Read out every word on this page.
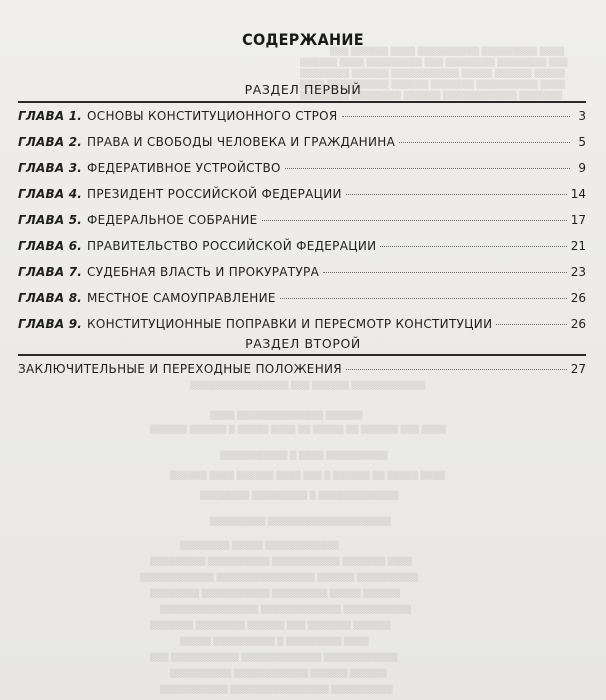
▒▒▒ ▒▒▒▒▒▒ ▒▒▒▒ ▒▒▒▒▒▒▒▒▒▒ ▒▒▒▒▒▒▒▒▒ ▒▒▒▒
▒▒▒▒▒▒ ▒▒▒▒ ▒▒▒▒▒▒▒▒▒ ▒▒▒ ▒▒▒▒▒▒▒▒ ▒▒▒▒▒▒▒▒ ▒▒▒
▒▒▒▒▒▒▒▒ ▒▒▒▒▒▒ ▒▒▒▒▒▒▒▒▒▒▒ ▒▒▒▒▒ ▒▒▒▒▒▒ ▒▒▒▒▒
▒▒▒▒ ▒▒▒▒▒▒▒▒▒▒ ▒▒▒▒▒▒ ▒▒▒▒▒▒▒ ▒▒▒▒▒▒▒▒▒▒ ▒▒▒▒
▒▒▒▒▒▒▒▒ ▒▒▒▒▒▒▒▒ ▒▒▒▒▒▒ ▒▒▒▒▒▒▒▒▒▒▒▒ ▒▒▒▒▒▒▒
▒▒▒▒▒▒▒▒▒▒▒▒▒▒▒▒ ▒▒▒ ▒▒▒▒▒▒ ▒▒▒▒▒▒▒▒▒▒▒▒
▒▒▒▒ ▒▒▒▒▒▒▒▒▒▒▒▒▒▒ ▒▒▒▒▒▒
▒▒▒▒▒▒ ▒▒▒▒▒▒ ▒ ▒▒▒▒▒ ▒▒▒▒ ▒▒ ▒▒▒▒▒ ▒▒ ▒▒▒▒▒▒ ▒▒▒ ▒▒▒▒
▒▒▒▒▒▒▒▒▒▒▒ ▒ ▒▒▒▒ ▒▒▒▒▒▒▒▒▒▒
▒▒▒▒▒▒ ▒▒▒▒ ▒▒▒▒▒▒ ▒▒▒▒ ▒▒▒ ▒ ▒▒▒▒▒▒ ▒▒ ▒▒▒▒▒ ▒▒▒▒
▒▒▒▒▒▒▒▒ ▒▒▒▒▒▒▒▒▒ ▒ ▒▒▒▒▒▒▒▒▒▒▒▒▒
▒▒▒▒▒▒▒▒▒ ▒▒▒▒▒▒▒▒▒▒▒▒▒▒▒▒▒▒▒▒
▒▒▒▒▒▒▒▒ ▒▒▒▒▒ ▒▒▒▒▒▒▒▒▒▒▒▒
▒▒▒▒▒▒▒▒▒ ▒▒▒▒▒▒▒▒▒▒ ▒▒▒▒▒▒▒▒▒▒▒ ▒▒▒▒▒▒▒ ▒▒▒▒
▒▒▒▒▒▒▒▒▒▒▒▒ ▒▒▒▒▒▒▒▒▒▒▒▒▒▒▒▒ ▒▒▒▒▒▒ ▒▒▒▒▒▒▒▒▒▒
▒▒▒▒▒▒▒▒ ▒▒▒▒▒▒▒▒▒▒▒ ▒▒▒▒▒▒▒▒▒ ▒▒▒▒▒ ▒▒▒▒▒▒
▒▒▒▒▒▒▒▒▒▒▒▒▒▒▒▒ ▒▒▒▒▒▒▒▒▒▒▒▒▒ ▒▒▒▒▒▒▒▒▒▒▒
▒▒▒▒▒▒▒ ▒▒▒▒▒▒▒▒ ▒▒▒▒▒▒ ▒▒▒ ▒▒▒▒▒▒▒ ▒▒▒▒▒▒
▒▒▒▒▒ ▒▒▒▒▒▒▒▒▒▒ ▒ ▒▒▒▒▒▒▒▒▒ ▒▒▒▒
▒▒▒ ▒▒▒▒▒▒▒▒▒▒▒ ▒▒▒▒▒▒▒▒▒▒▒▒▒ ▒▒▒▒▒▒▒▒▒▒▒▒
▒▒▒▒▒▒▒▒▒▒ ▒▒▒▒▒▒▒▒▒▒▒▒ ▒▒▒▒▒▒ ▒▒▒▒▒▒
▒▒▒▒▒▒▒▒▒▒▒ ▒▒▒▒▒▒▒▒▒▒▒▒▒▒▒▒ ▒▒▒▒▒▒▒▒▒▒
СОДЕРЖАНИЕ
РАЗДЕЛ ПЕРВЫЙ
ГЛАВА 1. ОСНОВЫ КОНСТИТУЦИОННОГО СТРОЯ	3
ГЛАВА 2. ПРАВА И СВОБОДЫ ЧЕЛОВЕКА И ГРАЖДАНИНА	5
ГЛАВА 3. ФЕДЕРАТИВНОЕ УСТРОЙСТВО	9
ГЛАВА 4. ПРЕЗИДЕНТ РОССИЙСКОЙ ФЕДЕРАЦИИ	14
ГЛАВА 5. ФЕДЕРАЛЬНОЕ СОБРАНИЕ	17
ГЛАВА 6. ПРАВИТЕЛЬСТВО РОССИЙСКОЙ ФЕДЕРАЦИИ	21
ГЛАВА 7. СУДЕБНАЯ ВЛАСТЬ И ПРОКУРАТУРА	23
ГЛАВА 8. МЕСТНОЕ САМОУПРАВЛЕНИЕ	26
ГЛАВА 9. КОНСТИТУЦИОННЫЕ ПОПРАВКИ И ПЕРЕСМОТР КОНСТИТУЦИИ	26
РАЗДЕЛ ВТОРОЙ
ЗАКЛЮЧИТЕЛЬНЫЕ И ПЕРЕХОДНЫЕ ПОЛОЖЕНИЯ	27
